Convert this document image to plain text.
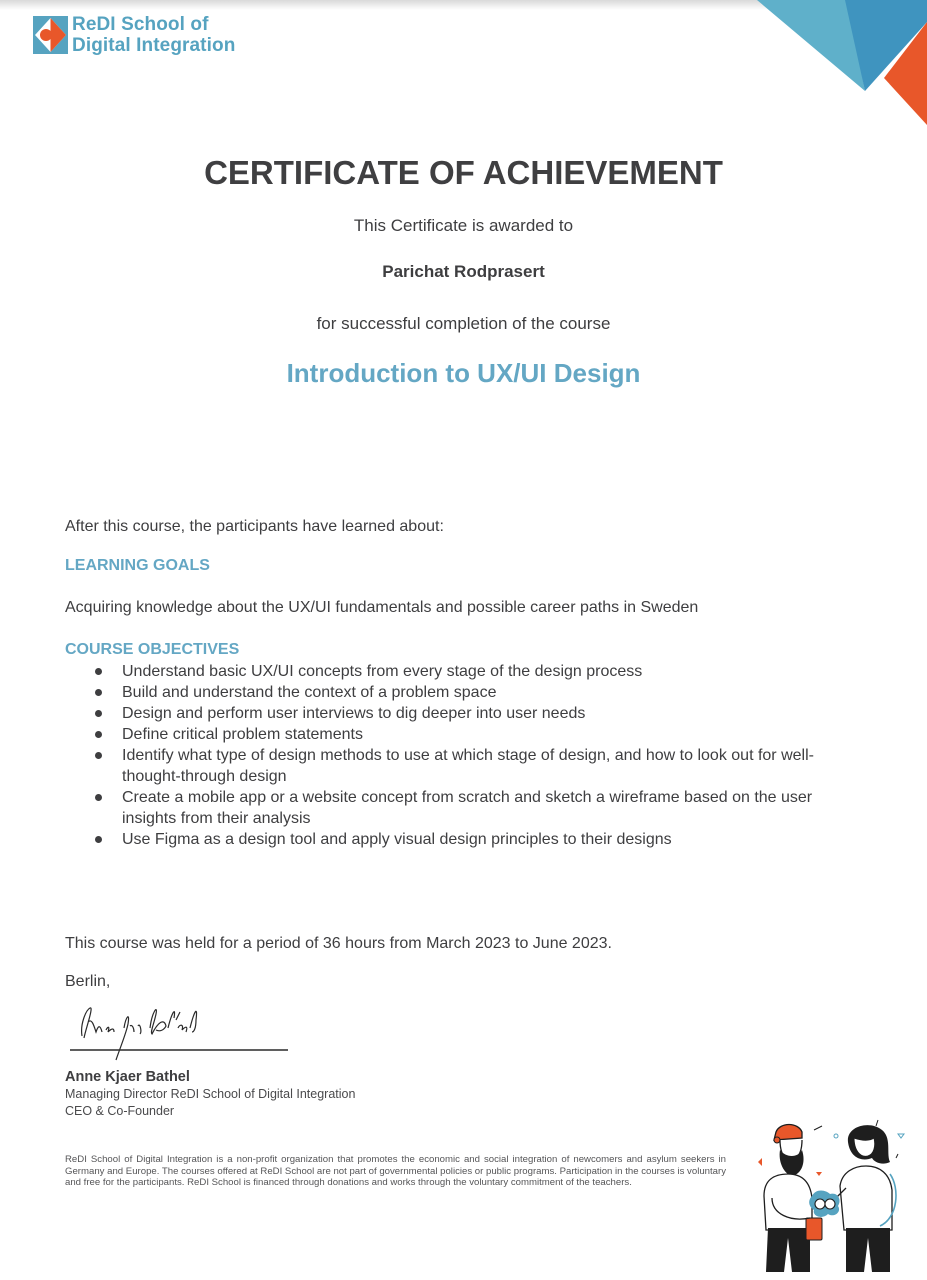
ReDI School of
Digital Integration
CERTIFICATE OF ACHIEVEMENT
This Certificate is awarded to
Parichat Rodprasert
for successful completion of the course
Introduction to UX/UI Design
After this course, the participants have learned about:
LEARNING GOALS
Acquiring knowledge about the UX/UI fundamentals and possible career paths in Sweden
COURSE OBJECTIVES
Understand basic UX/UI concepts from every stage of the design process
Build and understand the context of a problem space
Design and perform user interviews to dig deeper into user needs
Define critical problem statements
Identify what type of design methods to use at which stage of design, and how to look out for well-thought-through design
Create a mobile app or a website concept from scratch and sketch a wireframe based on the user insights from their analysis
Use Figma as a design tool and apply visual design principles to their designs
This course was held for a period of 36 hours from March 2023 to June 2023.
Berlin,
Anne Kjaer Bathel
Managing Director ReDI School of Digital Integration
CEO & Co-Founder
ReDI School of Digital Integration is a non-profit organization that promotes the economic and social integration of newcomers and asylum seekers in Germany and Europe. The courses offered at ReDI School are not part of governmental policies or public programs. Participation in the courses is voluntary and free for the participants. ReDI School is financed through donations and works through the voluntary commitment of the teachers.
